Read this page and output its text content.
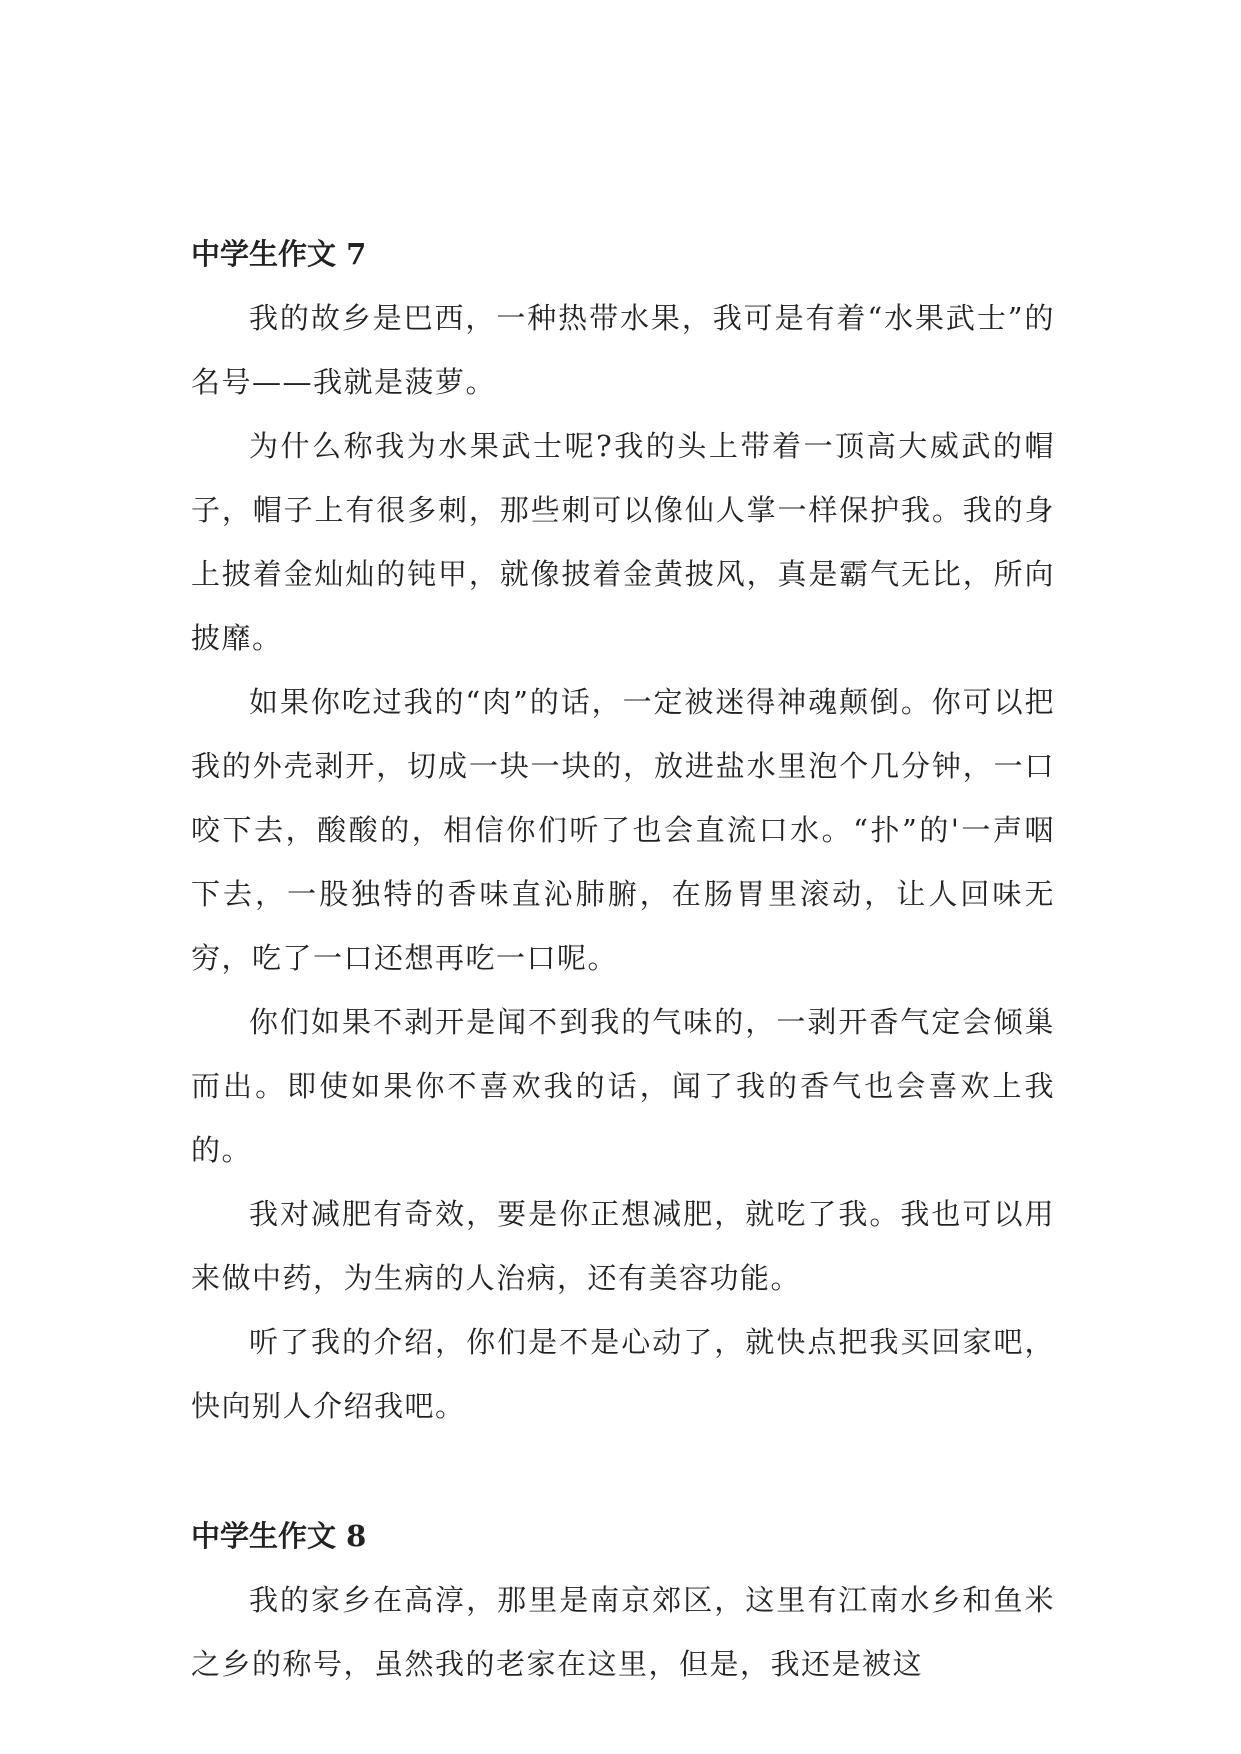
中学生作文 7

我的故乡是巴西，一种热带水果，我可是有着“水果武士”的名号——我就是菠萝。

为什么称我为水果武士呢?我的头上带着一顶高大威武的帽子，帽子上有很多刺，那些刺可以像仙人掌一样保护我。我的身上披着金灿灿的钝甲，就像披着金黄披风，真是霸气无比，所向披靡。

如果你吃过我的“肉”的话，一定被迷得神魂颠倒。你可以把我的外壳剥开，切成一块一块的，放进盐水里泡个几分钟，一口咬下去，酸酸的，相信你们听了也会直流口水。“扑”的'一声咽下去，一股独特的香味直沁肺腑，在肠胃里滚动，让人回味无穷，吃了一口还想再吃一口呢。

你们如果不剥开是闻不到我的气味的，一剥开香气定会倾巢而出。即使如果你不喜欢我的话，闻了我的香气也会喜欢上我的。

我对减肥有奇效，要是你正想减肥，就吃了我。我也可以用来做中药，为生病的人治病，还有美容功能。

听了我的介绍，你们是不是心动了，就快点把我买回家吧，快向别人介绍我吧。

中学生作文 8

我的家乡在高淳，那里是南京郊区，这里有江南水乡和鱼米之乡的称号，虽然我的老家在这里，但是，我还是被这
